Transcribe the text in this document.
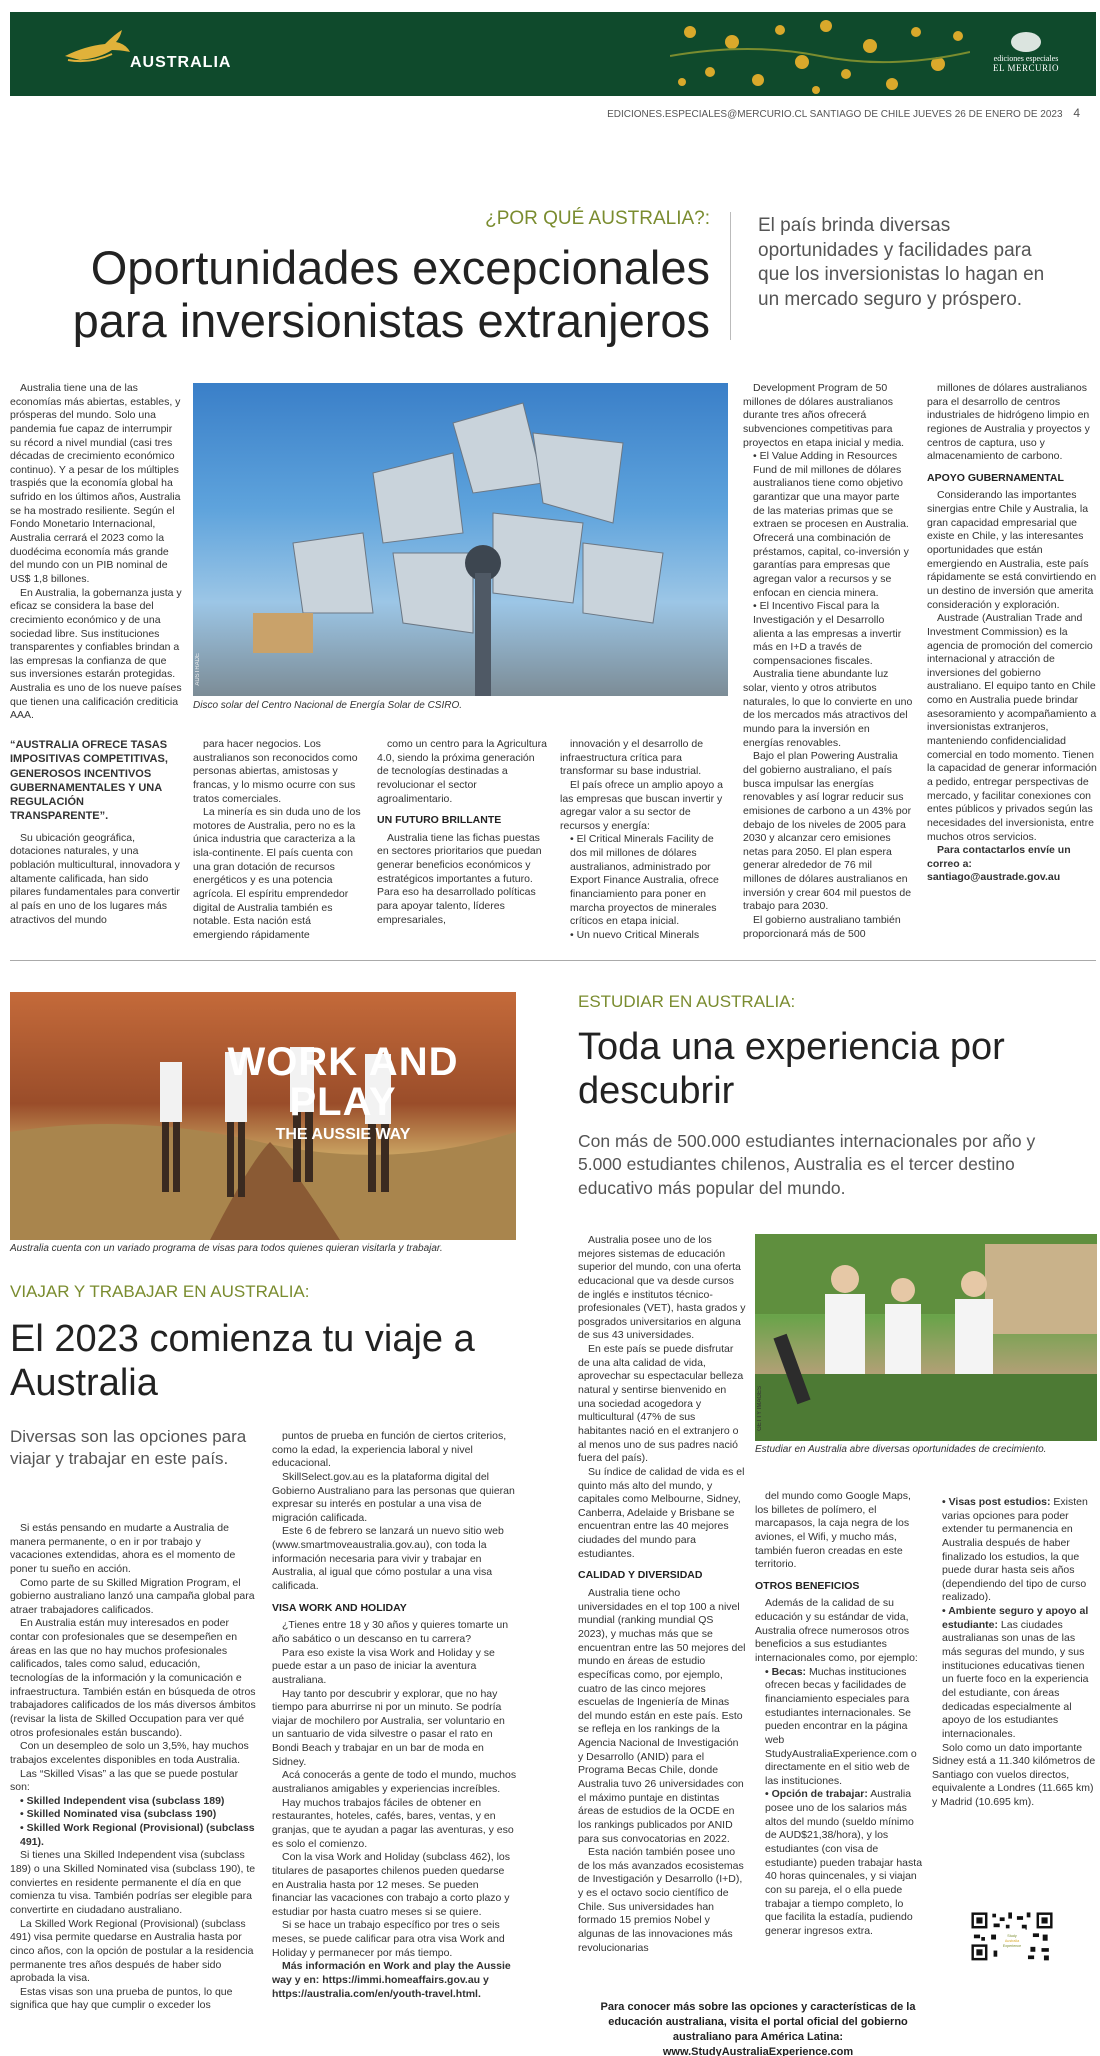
AUSTRALIA	ediciones especiales
EL MERCURIO
EDICIONES.ESPECIALES@MERCURIO.CL SANTIAGO DE CHILE JUEVES 26 DE ENERO DE 2023 4
¿POR QUÉ AUSTRALIA?:
Oportunidades excepcionales para inversionistas extranjeros
El país brinda diversas oportunidades y facilidades para que los inversionistas lo hagan en un mercado seguro y próspero.

Australia tiene una de las economías más abiertas, estables, y prósperas del mundo. Solo una pandemia fue capaz de interrumpir su récord a nivel mundial (casi tres décadas de crecimiento económico continuo). Y a pesar de los múltiples traspiés que la economía global ha sufrido en los últimos años, Australia se ha mostrado resiliente. Según el Fondo Monetario Internacional, Australia cerrará el 2023 como la duodécima economía más grande del mundo con un PIB nominal de US$ 1,8 billones.

En Australia, la gobernanza justa y eficaz se considera la base del crecimiento económico y de una sociedad libre. Sus instituciones transparentes y confiables brindan a las empresas la confianza de que sus inversiones estarán protegidas. Australia es uno de los nueve países que tienen una calificación crediticia AAA.

AUSTRADE
Disco solar del Centro Nacional de Energía Solar de CSIRO.
“AUSTRALIA OFRECE TASAS IMPOSITIVAS COMPETITIVAS, GENEROSOS INCENTIVOS GUBERNAMENTALES Y UNA REGULACIÓN TRANSPARENTE”.

Su ubicación geográfica, dotaciones naturales, y una población multicultural, innovadora y altamente calificada, han sido pilares fundamentales para convertir al país en uno de los lugares más atractivos del mundo

para hacer negocios. Los australianos son reconocidos como personas abiertas, amistosas y francas, y lo mismo ocurre con sus tratos comerciales.

La minería es sin duda uno de los motores de Australia, pero no es la única industria que caracteriza a la isla-continente. El país cuenta con una gran dotación de recursos energéticos y es una potencia agrícola. El espíritu emprendedor digital de Australia también es notable. Esta nación está emergiendo rápidamente

como un centro para la Agricultura 4.0, siendo la próxima generación de tecnologías destinadas a revolucionar el sector agroalimentario.

UN FUTURO BRILLANTE

Australia tiene las fichas puestas en sectores prioritarios que puedan generar beneficios económicos y estratégicos importantes a futuro. Para eso ha desarrollado políticas para apoyar talento, líderes empresariales,

innovación y el desarrollo de infraestructura crítica para transformar su base industrial.

El país ofrece un amplio apoyo a las empresas que buscan invertir y agregar valor a su sector de recursos y energía:

• El Critical Minerals Facility de dos mil millones de dólares australianos, administrado por Export Finance Australia, ofrece financiamiento para poner en marcha proyectos de minerales críticos en etapa inicial.

• Un nuevo Critical Minerals

Development Program de 50 millones de dólares australianos durante tres años ofrecerá subvenciones competitivas para proyectos en etapa inicial y media.

• El Value Adding in Resources Fund de mil millones de dólares australianos tiene como objetivo garantizar que una mayor parte de las materias primas que se extraen se procesen en Australia. Ofrecerá una combinación de préstamos, capital, co-inversión y garantías para empresas que agregan valor a recursos y se enfocan en ciencia minera.

• El Incentivo Fiscal para la Investigación y el Desarrollo alienta a las empresas a invertir más en I+D a través de compensaciones fiscales.

Australia tiene abundante luz solar, viento y otros atributos naturales, lo que lo convierte en uno de los mercados más atractivos del mundo para la inversión en energías renovables.

Bajo el plan Powering Australia del gobierno australiano, el país busca impulsar las energías renovables y así lograr reducir sus emisiones de carbono a un 43% por debajo de los niveles de 2005 para 2030 y alcanzar cero emisiones netas para 2050. El plan espera generar alrededor de 76 mil millones de dólares australianos en inversión y crear 604 mil puestos de trabajo para 2030.

El gobierno australiano también proporcionará más de 500

millones de dólares australianos para el desarrollo de centros industriales de hidrógeno limpio en regiones de Australia y proyectos y centros de captura, uso y almacenamiento de carbono.

APOYO GUBERNAMENTAL

Considerando las importantes sinergias entre Chile y Australia, la gran capacidad empresarial que existe en Chile, y las interesantes oportunidades que están emergiendo en Australia, este país rápidamente se está convirtiendo en un destino de inversión que amerita consideración y exploración.

Austrade (Australian Trade and Investment Commission) es la agencia de promoción del comercio internacional y atracción de inversiones del gobierno australiano. El equipo tanto en Chile como en Australia puede brindar asesoramiento y acompañamiento a inversionistas extranjeros, manteniendo confidencialidad comercial en todo momento. Tienen la capacidad de generar información a pedido, entregar perspectivas de mercado, y facilitar conexiones con entes públicos y privados según las necesidades del inversionista, entre muchos otros servicios.

Para contactarlos envíe un correo a: santiago@austrade.gov.au

WORK AND PLAY
THE AUSSIE WAY
Australia cuenta con un variado programa de visas para todos quienes quieran visitarla y trabajar.
VIAJAR Y TRABAJAR EN AUSTRALIA:
El 2023 comienza tu viaje a Australia
Diversas son las opciones para viajar y trabajar en este país.

Si estás pensando en mudarte a Australia de manera permanente, o en ir por trabajo y vacaciones extendidas, ahora es el momento de poner tu sueño en acción.

Como parte de su Skilled Migration Program, el gobierno australiano lanzó una campaña global para atraer trabajadores calificados.

En Australia están muy interesados en poder contar con profesionales que se desempeñen en áreas en las que no hay muchos profesionales calificados, tales como salud, educación, tecnologías de la información y la comunicación e infraestructura. También están en búsqueda de otros trabajadores calificados de los más diversos ámbitos (revisar la lista de Skilled Occupation para ver qué otros profesionales están buscando).

Con un desempleo de solo un 3,5%, hay muchos trabajos excelentes disponibles en toda Australia.

Las “Skilled Visas” a las que se puede postular son:

• Skilled Independent visa (subclass 189)

• Skilled Nominated visa (subclass 190)

• Skilled Work Regional (Provisional) (subclass 491).

Si tienes una Skilled Independent visa (subclass 189) o una Skilled Nominated visa (subclass 190), te conviertes en residente permanente el día en que comienza tu visa. También podrías ser elegible para convertirte en ciudadano australiano.

La Skilled Work Regional (Provisional) (subclass 491) visa permite quedarse en Australia hasta por cinco años, con la opción de postular a la residencia permanente tres años después de haber sido aprobada la visa.

Estas visas son una prueba de puntos, lo que significa que hay que cumplir o exceder los

puntos de prueba en función de ciertos criterios, como la edad, la experiencia laboral y nivel educacional.

SkillSelect.gov.au es la plataforma digital del Gobierno Australiano para las personas que quieran expresar su interés en postular a una visa de migración calificada.

Este 6 de febrero se lanzará un nuevo sitio web (www.smartmoveaustralia.gov.au), con toda la información necesaria para vivir y trabajar en Australia, al igual que cómo postular a una visa calificada.

VISA WORK AND HOLIDAY

¿Tienes entre 18 y 30 años y quieres tomarte un año sabático o un descanso en tu carrera?

Para eso existe la visa Work and Holiday y se puede estar a un paso de iniciar la aventura australiana.

Hay tanto por descubrir y explorar, que no hay tiempo para aburrirse ni por un minuto. Se podría viajar de mochilero por Australia, ser voluntario en un santuario de vida silvestre o pasar el rato en Bondi Beach y trabajar en un bar de moda en Sidney.

Acá conocerás a gente de todo el mundo, muchos australianos amigables y experiencias increíbles.

Hay muchos trabajos fáciles de obtener en restaurantes, hoteles, cafés, bares, ventas, y en granjas, que te ayudan a pagar las aventuras, y eso es solo el comienzo.

Con la visa Work and Holiday (subclass 462), los titulares de pasaportes chilenos pueden quedarse en Australia hasta por 12 meses. Se pueden financiar las vacaciones con trabajo a corto plazo y estudiar por hasta cuatro meses si se quiere.

Si se hace un trabajo específico por tres o seis meses, se puede calificar para otra visa Work and Holiday y permanecer por más tiempo.

Más información en Work and play the Aussie way y en: https://immi.homeaffairs.gov.au y https://australia.com/en/youth-travel.html.

ESTUDIAR EN AUSTRALIA:
Toda una experiencia por descubrir
Con más de 500.000 estudiantes internacionales por año y 5.000 estudiantes chilenos, Australia es el tercer destino educativo más popular del mundo.

Australia posee uno de los mejores sistemas de educación superior del mundo, con una oferta educacional que va desde cursos de inglés e institutos técnico-profesionales (VET), hasta grados y posgrados universitarios en alguna de sus 43 universidades.

En este país se puede disfrutar de una alta calidad de vida, aprovechar su espectacular belleza natural y sentirse bienvenido en una sociedad acogedora y multicultural (47% de sus habitantes nació en el extranjero o al menos uno de sus padres nació fuera del país).

Su índice de calidad de vida es el quinto más alto del mundo, y capitales como Melbourne, Sidney, Canberra, Adelaide y Brisbane se encuentran entre las 40 mejores ciudades del mundo para estudiantes.

CALIDAD Y DIVERSIDAD

Australia tiene ocho universidades en el top 100 a nivel mundial (ranking mundial QS 2023), y muchas más que se encuentran entre las 50 mejores del mundo en áreas de estudio específicas como, por ejemplo, cuatro de las cinco mejores escuelas de Ingeniería de Minas del mundo están en este país. Esto se refleja en los rankings de la Agencia Nacional de Investigación y Desarrollo (ANID) para el Programa Becas Chile, donde Australia tuvo 26 universidades con el máximo puntaje en distintas áreas de estudios de la OCDE en los rankings publicados por ANID para sus convocatorias en 2022.

Esta nación también posee uno de los más avanzados ecosistemas de Investigación y Desarrollo (I+D), y es el octavo socio científico de Chile. Sus universidades han formado 15 premios Nobel y algunas de las innovaciones más revolucionarias

GETTY IMAGES
Estudiar en Australia abre diversas oportunidades de crecimiento.

del mundo como Google Maps, los billetes de polímero, el marcapasos, la caja negra de los aviones, el Wifi, y mucho más, también fueron creadas en este territorio.

OTROS BENEFICIOS

Además de la calidad de su educación y su estándar de vida, Australia ofrece numerosos otros beneficios a sus estudiantes internacionales como, por ejemplo:

• Becas: Muchas instituciones ofrecen becas y facilidades de financiamiento especiales para estudiantes internacionales. Se pueden encontrar en la página web StudyAustraliaExperience.com o directamente en el sitio web de las instituciones.

• Opción de trabajar: Australia posee uno de los salarios más altos del mundo (sueldo mínimo de AUD$21,38/hora), y los estudiantes (con visa de estudiante) pueden trabajar hasta 40 horas quincenales, y si viajan con su pareja, el o ella puede trabajar a tiempo completo, lo que facilita la estadía, pudiendo generar ingresos extra.

• Visas post estudios: Existen varias opciones para poder extender tu permanencia en Australia después de haber finalizado los estudios, la que puede durar hasta seis años (dependiendo del tipo de curso realizado).

• Ambiente seguro y apoyo al estudiante: Las ciudades australianas son unas de las más seguras del mundo, y sus instituciones educativas tienen un fuerte foco en la experiencia del estudiante, con áreas dedicadas especialmente al apoyo de los estudiantes internacionales.

Solo como un dato importante Sidney está a 11.340 kilómetros de Santiago con vuelos directos, equivalente a Londres (11.665 km) y Madrid (10.695 km).

Study
Australia
Experience
Para conocer más sobre las opciones y características de la educación australiana, visita el portal oficial del gobierno australiano para América Latina: www.StudyAustraliaExperience.com
